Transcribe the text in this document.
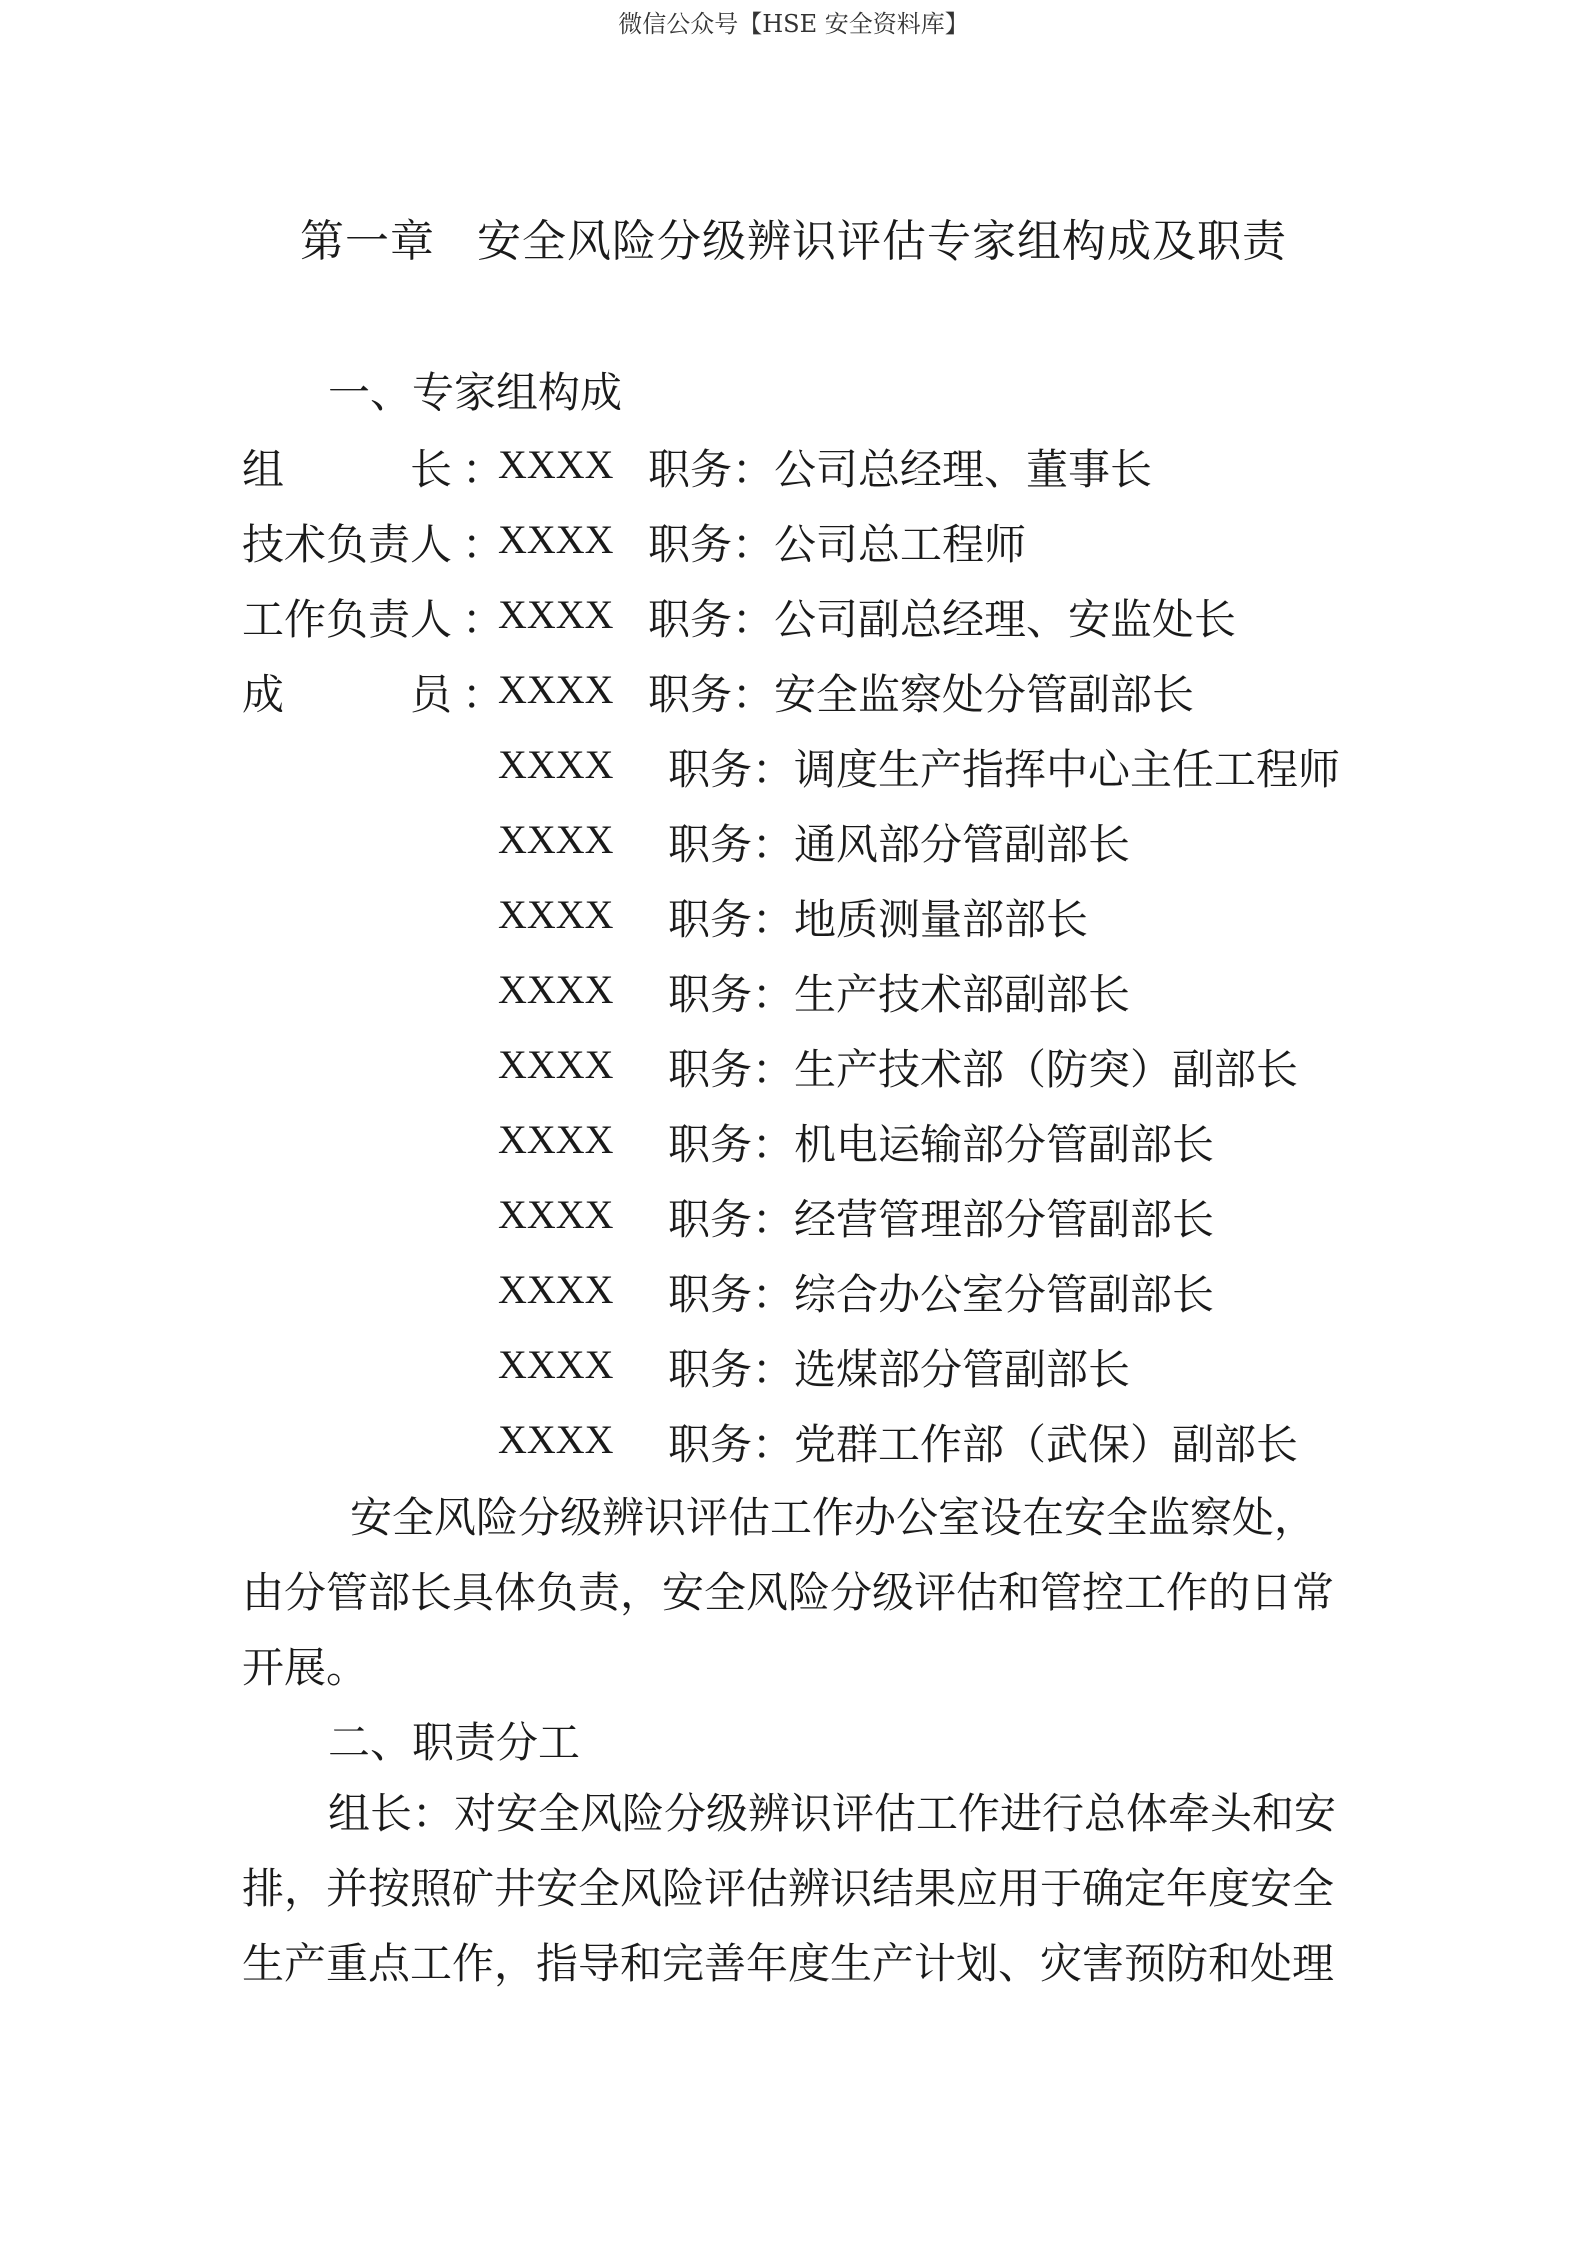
微信公众号【HSE 安全资料库】
第一章 安全风险分级辨识评估专家组构成及职责
一、专家组构成
组　　　长 ：
XXXX 职务： 公司总经理、董事长
技术负责人 ：
XXXX 职务： 公司总工程师
工作负责人 ：
XXXX 职务： 公司副总经理、安监处长
成　　　员 ：
XXXX 职务： 安全监察处分管副部长
XXXX 职务： 调度生产指挥中心主任工程师
XXXX 职务： 通风部分管副部长
XXXX 职务： 地质测量部部长
XXXX 职务： 生产技术部副部长
XXXX 职务： 生产技术部（防突）副部长
XXXX 职务： 机电运输部分管副部长
XXXX 职务： 经营管理部分管副部长
XXXX 职务： 综合办公室分管副部长
XXXX 职务： 选煤部分管副部长
XXXX 职务： 党群工作部（武保）副部长
安全风险分级辨识评估工作办公室设在安全监察处，由分管部长具体负责，安全风险分级评估和管控工作的日常开展。
二、职责分工
组长：对安全风险分级辨识评估工作进行总体牵头和安排，并按照矿井安全风险评估辨识结果应用于确定年度安全生产重点工作，指导和完善年度生产计划、灾害预防和处理
